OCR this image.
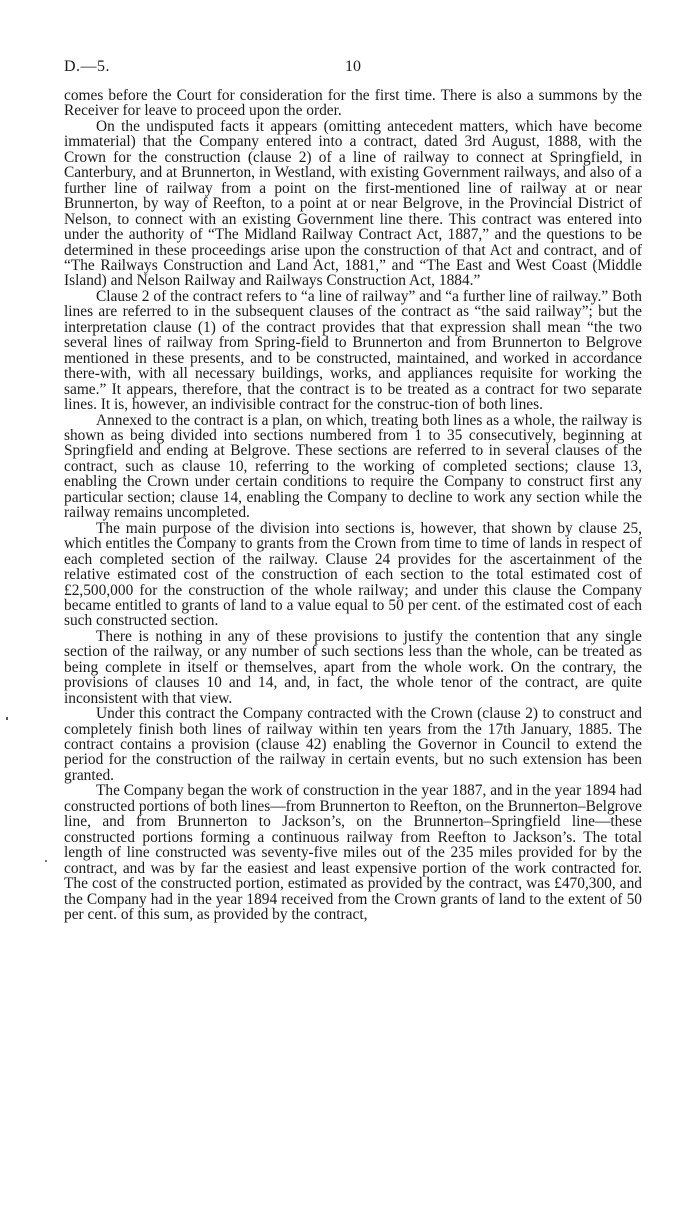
D.—5.	10

comes before the Court for consideration for the first time. There is also a summons by the Receiver for leave to proceed upon the order.

On the undisputed facts it appears (omitting antecedent matters, which have become immaterial) that the Company entered into a contract, dated 3rd August, 1888, with the Crown for the construction (clause 2) of a line of railway to connect at Springfield, in Canterbury, and at Brunnerton, in Westland, with existing Government railways, and also of a further line of railway from a point on the first-mentioned line of railway at or near Brunnerton, by way of Reefton, to a point at or near Belgrove, in the Provincial District of Nelson, to connect with an existing Government line there. This contract was entered into under the authority of “The Midland Railway Contract Act, 1887,” and the questions to be determined in these proceedings arise upon the construction of that Act and contract, and of “The Railways Construction and Land Act, 1881,” and “The East and West Coast (Middle Island) and Nelson Railway and Railways Construction Act, 1884.”

Clause 2 of the contract refers to “a line of railway” and “a further line of railway.” Both lines are referred to in the subsequent clauses of the contract as “the said railway”; but the interpretation clause (1) of the contract provides that that expression shall mean “the two several lines of railway from Spring-field to Brunnerton and from Brunnerton to Belgrove mentioned in these presents, and to be constructed, maintained, and worked in accordance there-with, with all necessary buildings, works, and appliances requisite for working the same.” It appears, therefore, that the contract is to be treated as a contract for two separate lines. It is, however, an indivisible contract for the construc-tion of both lines.

Annexed to the contract is a plan, on which, treating both lines as a whole, the railway is shown as being divided into sections numbered from 1 to 35 consecutively, beginning at Springfield and ending at Belgrove. These sections are referred to in several clauses of the contract, such as clause 10, referring to the working of completed sections; clause 13, enabling the Crown under certain conditions to require the Company to construct first any particular section; clause 14, enabling the Company to decline to work any section while the railway remains uncompleted.

The main purpose of the division into sections is, however, that shown by clause 25, which entitles the Company to grants from the Crown from time to time of lands in respect of each completed section of the railway. Clause 24 provides for the ascertainment of the relative estimated cost of the construction of each section to the total estimated cost of £2,500,000 for the construction of the whole railway; and under this clause the Company became entitled to grants of land to a value equal to 50 per cent. of the estimated cost of each such constructed section.

There is nothing in any of these provisions to justify the contention that any single section of the railway, or any number of such sections less than the whole, can be treated as being complete in itself or themselves, apart from the whole work. On the contrary, the provisions of clauses 10 and 14, and, in fact, the whole tenor of the contract, are quite inconsistent with that view.

Under this contract the Company contracted with the Crown (clause 2) to construct and completely finish both lines of railway within ten years from the 17th January, 1885. The contract contains a provision (clause 42) enabling the Governor in Council to extend the period for the construction of the railway in certain events, but no such extension has been granted.

The Company began the work of construction in the year 1887, and in the year 1894 had constructed portions of both lines—from Brunnerton to Reefton, on the Brunnerton–Belgrove line, and from Brunnerton to Jackson’s, on the Brunnerton–Springfield line—these constructed portions forming a continuous railway from Reefton to Jackson’s. The total length of line constructed was seventy-five miles out of the 235 miles provided for by the contract, and was by far the easiest and least expensive portion of the work contracted for. The cost of the constructed portion, estimated as provided by the contract, was £470,300, and the Company had in the year 1894 received from the Crown grants of land to the extent of 50 per cent. of this sum, as provided by the contract,
